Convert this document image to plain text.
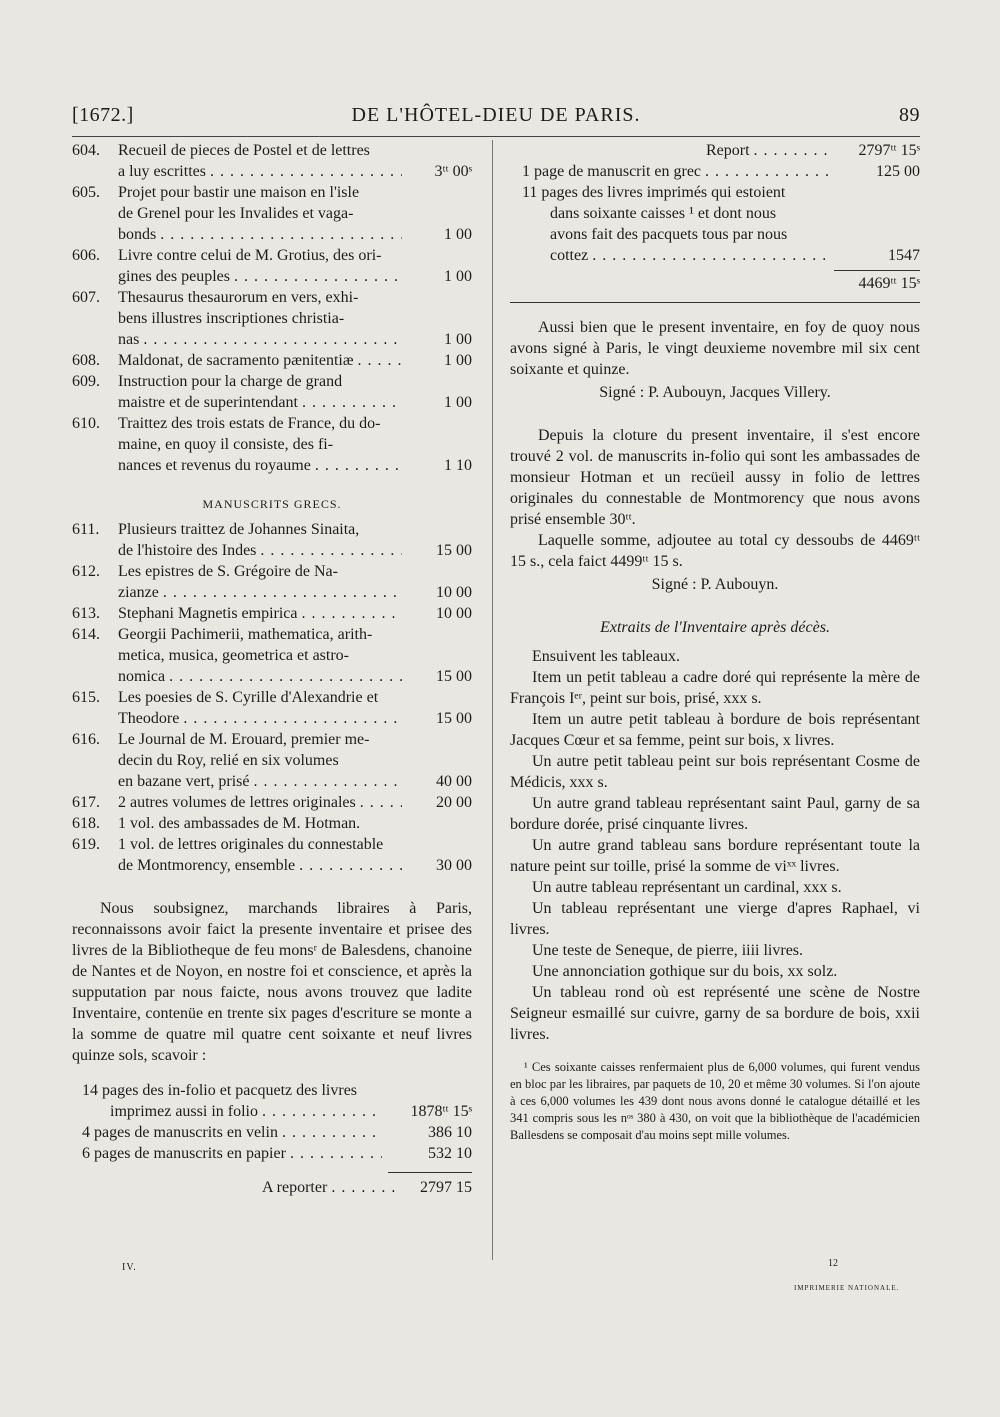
[1672.]	DE L'HÔTEL-DIEU DE PARIS.	89
604. Recueil de pieces de Postel et de lettres
a luy escrittes . . .	3ᵗᵗ 00ˢ
605. Projet pour bastir une maison en l'isle
de Grenel pour les Invalides et vaga-
bonds . . .	1 00
606. Livre contre celui de M. Grotius, des ori-
gines des peuples . . .	1 00
607. Thesaurus thesaurorum en vers, exhi-
bens illustres inscriptiones christia-
nas . . .	1 00
608. Maldonat, de sacramento pænitentiæ . . .	1 00
609. Instruction pour la charge de grand
maistre et de superintendant . . .	1 00
610. Traittez des trois estats de France, du do-
maine, en quoy il consiste, des fi-
nances et revenus du royaume . . .	1 10
MANUSCRITS GRECS.
611. Plusieurs traittez de Johannes Sinaita,
de l'histoire des Indes . . .	15 00
612. Les epistres de S. Grégoire de Na-
zianze . . .	10 00
613. Stephani Magnetis empirica . . .	10 00
614. Georgii Pachimerii, mathematica, arith-
metica, musica, geometrica et astro-
nomica . . .	15 00
615. Les poesies de S. Cyrille d'Alexandrie et
Theodore . . .	15 00
616. Le Journal de M. Erouard, premier me-
decin du Roy, relié en six volumes
en bazane vert, prisé . . .	40 00
617. 2 autres volumes de lettres originales . . .	20 00
618. 1 vol. des ambassades de M. Hotman.
619. 1 vol. de lettres originales du connestable
de Montmorency, ensemble . . .	30 00
Nous soubsignez, marchands libraires à Paris, reconnaissons avoir faict la presente inventaire et prisee des livres de la Bibliotheque de feu monsʳ de Balesdens, chanoine de Nantes et de Noyon, en nostre foi et conscience, et après la supputation par nous faicte, nous avons trouvez que ladite Inventaire, contenüe en trente six pages d'escriture se monte a la somme de quatre mil quatre cent soixante et neuf livres quinze sols, scavoir :
14 pages des in-folio et pacquetz des livres
imprimez aussi in folio . . .	1878ᵗᵗ 15ˢ
4 pages de manuscrits en velin . . .	386 10
6 pages de manuscrits en papier . . .	532 10
A reporter . . .	2797 15
Report . . .	2797ᵗᵗ 15ˢ
1 page de manuscrit en grec . . .	125 00
11 pages des livres imprimés qui estoient
dans soixante caisses ¹ et dont nous
avons fait des pacquets tous par nous
cottez . . .	1547
4469ᵗᵗ 15ˢ
Aussi bien que le present inventaire, en foy de quoy nous avons signé à Paris, le vingt deuxieme novembre mil six cent soixante et quinze.
Signé : P. Aubouyn, Jacques Villery.
Depuis la cloture du present inventaire, il s'est encore trouvé 2 vol. de manuscrits in-folio qui sont les ambassades de monsieur Hotman et un recüeil aussy in folio de lettres originales du connestable de Montmorency que nous avons prisé ensemble 30ᵗᵗ.
Laquelle somme, adjoutee au total cy dessoubs de 4469ᵗᵗ 15 s., cela faict 4499ᵗᵗ 15 s.
Signé : P. Aubouyn.
Extraits de l'Inventaire après décès.
Ensuivent les tableaux.
Item un petit tableau a cadre doré qui représente la mère de François Iᵉʳ, peint sur bois, prisé, xxx s.
Item un autre petit tableau à bordure de bois représentant Jacques Cœur et sa femme, peint sur bois, x livres.
Un autre petit tableau peint sur bois représentant Cosme de Médicis, xxx s.
Un autre grand tableau représentant saint Paul, garny de sa bordure dorée, prisé cinquante livres.
Un autre grand tableau sans bordure représentant toute la nature peint sur toille, prisé la somme de viˣˣ livres.
Un autre tableau représentant un cardinal, xxx s.
Un tableau représentant une vierge d'apres Raphael, vi livres.
Une teste de Seneque, de pierre, iiii livres.
Une annonciation gothique sur du bois, xx solz.
Un tableau rond où est représenté une scène de Nostre Seigneur esmaillé sur cuivre, garny de sa bordure de bois, xxii livres.
¹ Ces soixante caisses renfermaient plus de 6,000 volumes, qui furent vendus en bloc par les libraires, par paquets de 10, 20 et même 30 volumes. Si l'on ajoute à ces 6,000 volumes les 439 dont nous avons donné le catalogue détaillé et les 341 compris sous les nᵒˢ 380 à 430, on voit que la bibliothèque de l'académicien Ballesdens se composait d'au moins sept mille volumes.
IV.	12
IMPRIMERIE NATIONALE.
